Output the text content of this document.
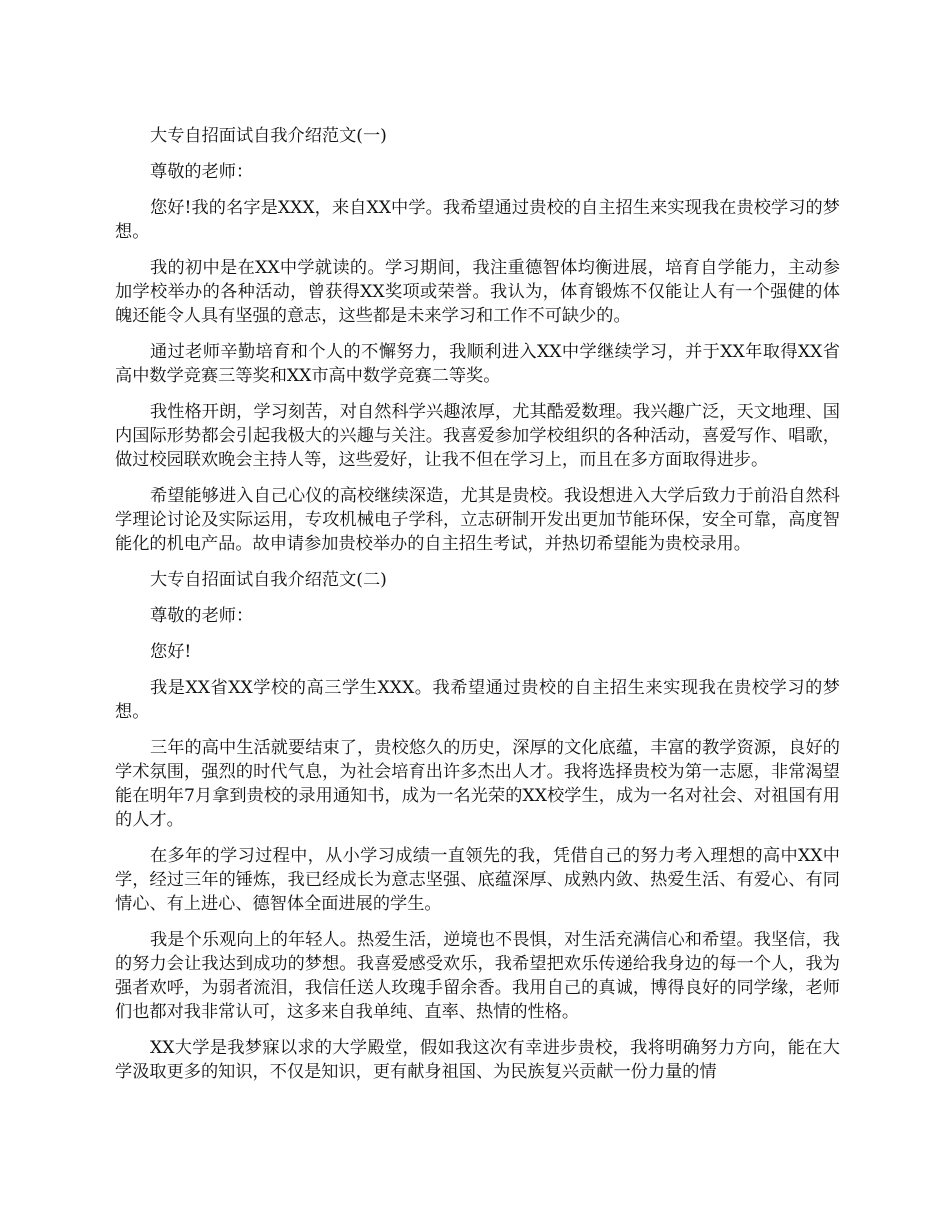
大专自招面试自我介绍范文(一)

尊敬的老师：

您好!我的名字是XXX，来自XX中学。我希望通过贵校的自主招生来实现我在贵校学习的梦想。

我的初中是在XX中学就读的。学习期间，我注重德智体均衡进展，培育自学能力，主动参加学校举办的各种活动，曾获得XX奖项或荣誉。我认为，体育锻炼不仅能让人有一个强健的体魄还能令人具有坚强的意志，这些都是未来学习和工作不可缺少的。

通过老师辛勤培育和个人的不懈努力，我顺利进入XX中学继续学习，并于XX年取得XX省高中数学竞赛三等奖和XX市高中数学竞赛二等奖。

我性格开朗，学习刻苦，对自然科学兴趣浓厚，尤其酷爱数理。我兴趣广泛，天文地理、国内国际形势都会引起我极大的兴趣与关注。我喜爱参加学校组织的各种活动，喜爱写作、唱歌，做过校园联欢晚会主持人等，这些爱好，让我不但在学习上，而且在多方面取得进步。

希望能够进入自己心仪的高校继续深造，尤其是贵校。我设想进入大学后致力于前沿自然科学理论讨论及实际运用，专攻机械电子学科，立志研制开发出更加节能环保，安全可靠，高度智能化的机电产品。故申请参加贵校举办的自主招生考试，并热切希望能为贵校录用。

大专自招面试自我介绍范文(二)

尊敬的老师：

您好!

我是XX省XX学校的高三学生XXX。我希望通过贵校的自主招生来实现我在贵校学习的梦想。

三年的高中生活就要结束了，贵校悠久的历史，深厚的文化底蕴，丰富的教学资源，良好的学术氛围，强烈的时代气息，为社会培育出许多杰出人才。我将选择贵校为第一志愿，非常渴望能在明年7月拿到贵校的录用通知书，成为一名光荣的XX校学生，成为一名对社会、对祖国有用的人才。

在多年的学习过程中，从小学习成绩一直领先的我，凭借自己的努力考入理想的高中XX中学，经过三年的锤炼，我已经成长为意志坚强、底蕴深厚、成熟内敛、热爱生活、有爱心、有同情心、有上进心、德智体全面进展的学生。

我是个乐观向上的年轻人。热爱生活，逆境也不畏惧，对生活充满信心和希望。我坚信，我的努力会让我达到成功的梦想。我喜爱感受欢乐，我希望把欢乐传递给我身边的每一个人，我为强者欢呼，为弱者流泪，我信任送人玫瑰手留余香。我用自己的真诚，博得良好的同学缘，老师们也都对我非常认可，这多来自我单纯、直率、热情的性格。

XX大学是我梦寐以求的大学殿堂，假如我这次有幸进步贵校，我将明确努力方向，能在大学汲取更多的知识，不仅是知识，更有献身祖国、为民族复兴贡献一份力量的情
